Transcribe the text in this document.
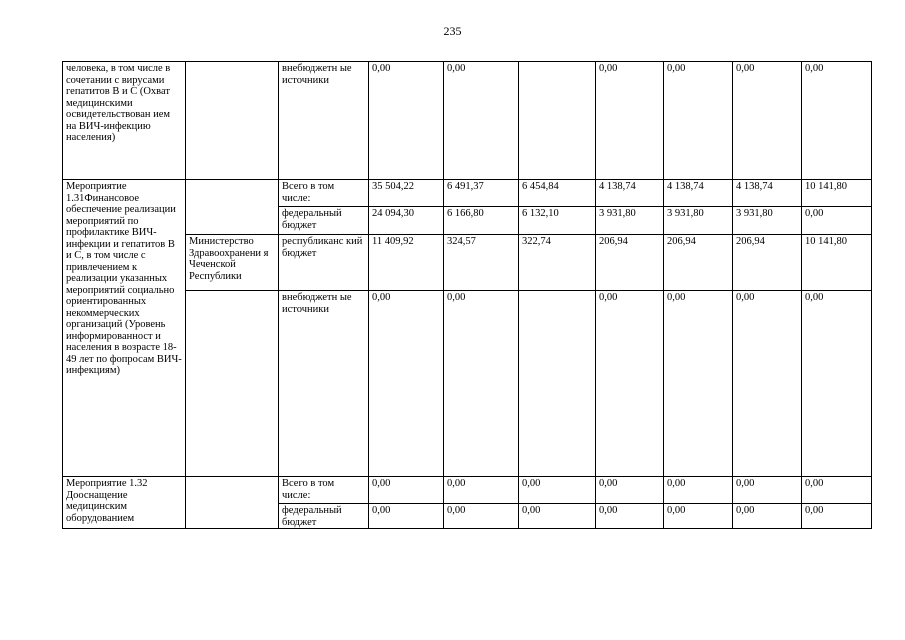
235
человека, в том числе в сочетании с вирусами гепатитов В и С (Охват медицинскими освидетельствован ием на ВИЧ-инфекцию населения)		внебюджетн ые источники	0,00	0,00		0,00	0,00	0,00	0,00
Мероприятие 1.31Финансовое обеспечение реализации мероприятий по профилактике ВИЧ-инфекции и гепатитов В и С, в том числе с привлечением к реализации указанных мероприятий социально ориентированных некоммерческих организаций (Уровень информированност и населения в возрасте 18-49 лет по фопросам ВИЧ-инфекциям)		Всего в том числе:	35 504,22	6 491,37	6 454,84	4 138,74	4 138,74	4 138,74	10 141,80
		федеральный бюджет	24 094,30	6 166,80	6 132,10	3 931,80	3 931,80	3 931,80	0,00
	Министерство Здравоохранени я Чеченской Республики	республиканс кий бюджет	11 409,92	324,57	322,74	206,94	206,94	206,94	10 141,80
		внебюджетн ые источники	0,00	0,00		0,00	0,00	0,00	0,00
Мероприятие 1.32 Дооснащение медицинским оборудованием		Всего в том числе:	0,00	0,00	0,00	0,00	0,00	0,00	0,00
		федеральный бюджет	0,00	0,00	0,00	0,00	0,00	0,00	0,00
